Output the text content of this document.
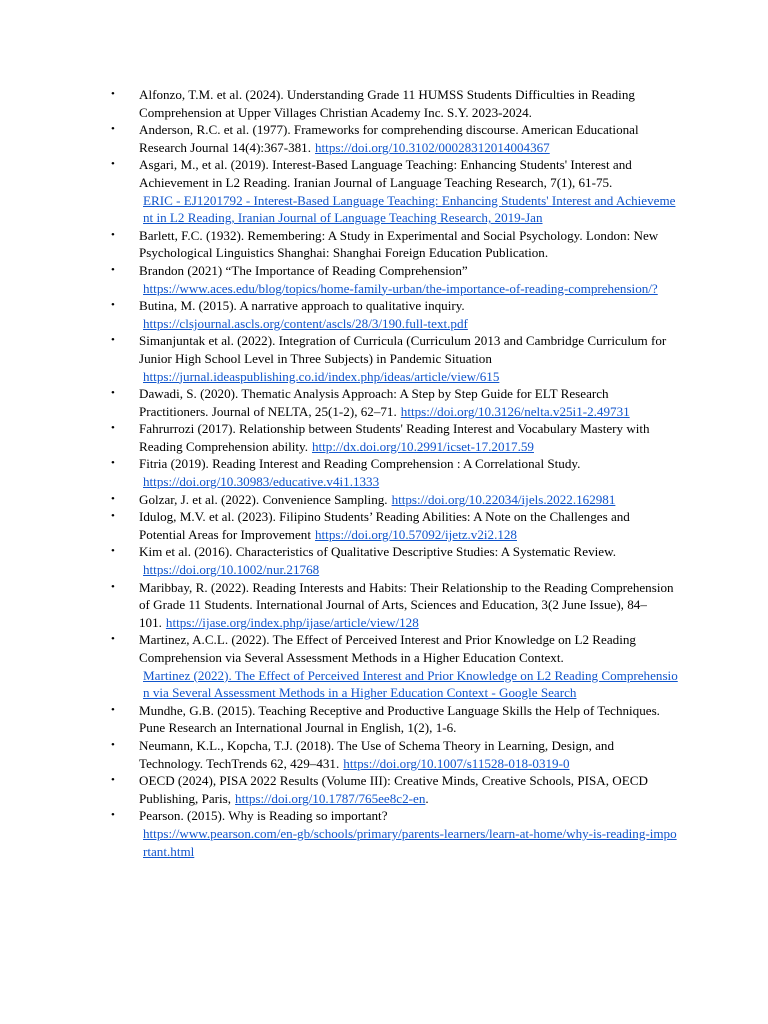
• Alfonzo, T.M. et al. (2024). Understanding Grade 11 HUMSS Students Difficulties in Reading Comprehension at Upper Villages Christian Academy Inc. S.Y. 2023-2024.
• Anderson, R.C. et al. (1977). Frameworks for comprehending discourse. American Educational Research Journal 14(4):367-381. https://doi.org/10.3102/00028312014004367
• Asgari, M., et al. (2019). Interest-Based Language Teaching: Enhancing Students' Interest and Achievement in L2 Reading. Iranian Journal of Language Teaching Research, 7(1), 61-75.
ERIC - EJ1201792 - Interest-Based Language Teaching: Enhancing Students' Interest and Achievement in L2 Reading, Iranian Journal of Language Teaching Research, 2019-Jan
• Barlett, F.C. (1932). Remembering: A Study in Experimental and Social Psychology. London: New Psychological Linguistics Shanghai: Shanghai Foreign Education Publication.
• Brandon (2021) “The Importance of Reading Comprehension”
https://www.aces.edu/blog/topics/home-family-urban/the-importance-of-reading-comprehension/?
• Butina, M. (2015). A narrative approach to qualitative inquiry.
https://clsjournal.ascls.org/content/ascls/28/3/190.full-text.pdf
• Simanjuntak et al. (2022). Integration of Curricula (Curriculum 2013 and Cambridge Curriculum for Junior High School Level in Three Subjects) in Pandemic Situation
https://jurnal.ideaspublishing.co.id/index.php/ideas/article/view/615
• Dawadi, S. (2020). Thematic Analysis Approach: A Step by Step Guide for ELT Research Practitioners. Journal of NELTA, 25(1-2), 62–71. https://doi.org/10.3126/nelta.v25i1-2.49731
• Fahrurrozi (2017). Relationship between Students' Reading Interest and Vocabulary Mastery with Reading Comprehension ability. http://dx.doi.org/10.2991/icset-17.2017.59
• Fitria (2019). Reading Interest and Reading Comprehension : A Correlational Study.
https://doi.org/10.30983/educative.v4i1.1333
• Golzar, J. et al. (2022). Convenience Sampling. https://doi.org/10.22034/ijels.2022.162981
• Idulog, M.V. et al. (2023). Filipino Students’ Reading Abilities: A Note on the Challenges and Potential Areas for Improvement https://doi.org/10.57092/ijetz.v2i2.128
• Kim et al. (2016). Characteristics of Qualitative Descriptive Studies: A Systematic Review.
https://doi.org/10.1002/nur.21768
• Maribbay, R. (2022). Reading Interests and Habits: Their Relationship to the Reading Comprehension of Grade 11 Students. International Journal of Arts, Sciences and Education, 3(2 June Issue), 84–101. https://ijase.org/index.php/ijase/article/view/128
• Martinez, A.C.L. (2022). The Effect of Perceived Interest and Prior Knowledge on L2 Reading Comprehension via Several Assessment Methods in a Higher Education Context.
Martinez (2022). The Effect of Perceived Interest and Prior Knowledge on L2 Reading Comprehension via Several Assessment Methods in a Higher Education Context - Google Search
• Mundhe, G.B. (2015). Teaching Receptive and Productive Language Skills the Help of Techniques. Pune Research an International Journal in English, 1(2), 1-6.
• Neumann, K.L., Kopcha, T.J. (2018). The Use of Schema Theory in Learning, Design, and Technology. TechTrends 62, 429–431. https://doi.org/10.1007/s11528-018-0319-0
• OECD (2024), PISA 2022 Results (Volume III): Creative Minds, Creative Schools, PISA, OECD Publishing, Paris, https://doi.org/10.1787/765ee8c2-en.
• Pearson. (2015). Why is Reading so important?
https://www.pearson.com/en-gb/schools/primary/parents-learners/learn-at-home/why-is-reading-important.html
